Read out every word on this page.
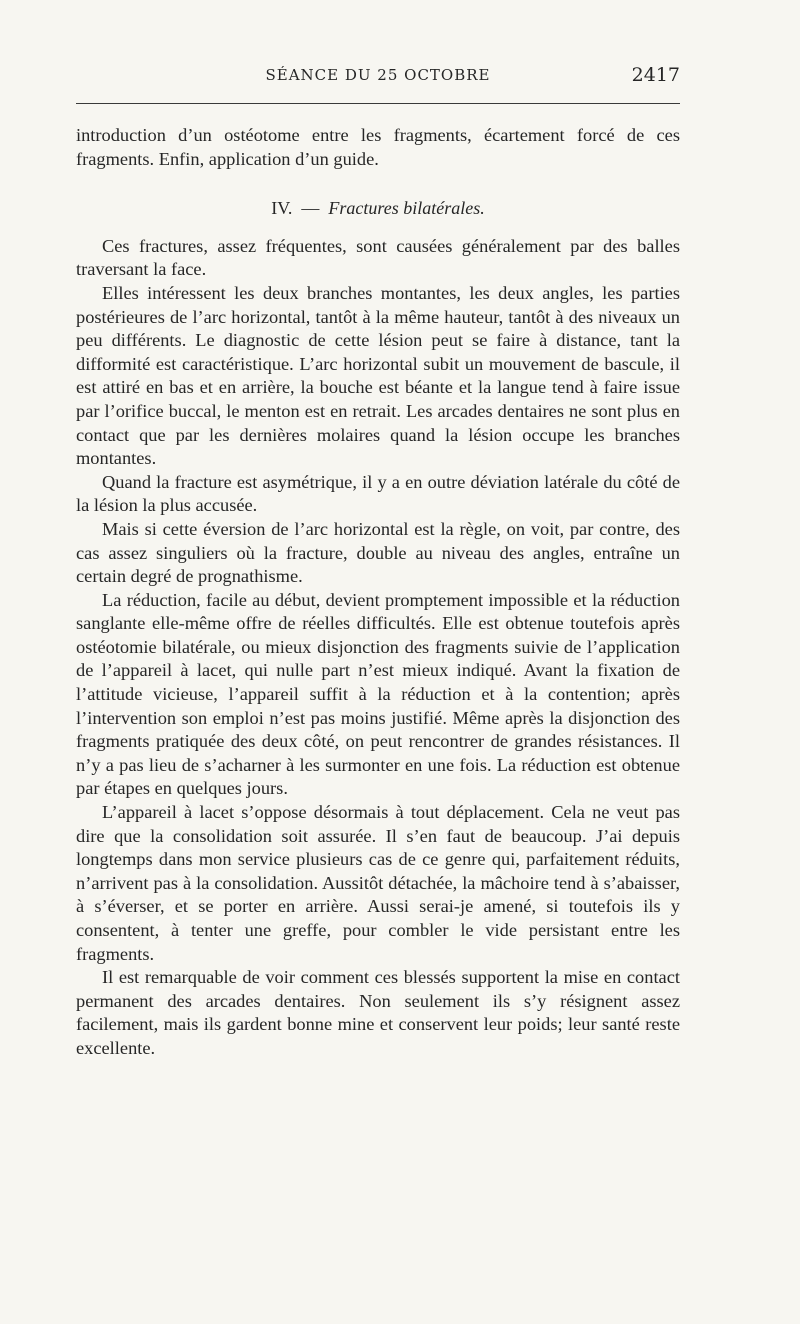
SÉANCE DU 25 OCTOBRE	2417

introduction d’un ostéotome entre les fragments, écartement forcé de ces fragments. Enfin, application d’un guide.

IV. — Fractures bilatérales.

Ces fractures, assez fréquentes, sont causées généralement par des balles traversant la face.

Elles intéressent les deux branches montantes, les deux angles, les parties postérieures de l’arc horizontal, tantôt à la même hauteur, tantôt à des niveaux un peu différents. Le diagnostic de cette lésion peut se faire à distance, tant la difformité est caractéristique. L’arc horizontal subit un mouvement de bascule, il est attiré en bas et en arrière, la bouche est béante et la langue tend à faire issue par l’orifice buccal, le menton est en retrait. Les arcades dentaires ne sont plus en contact que par les dernières molaires quand la lésion occupe les branches montantes.

Quand la fracture est asymétrique, il y a en outre déviation latérale du côté de la lésion la plus accusée.

Mais si cette éversion de l’arc horizontal est la règle, on voit, par contre, des cas assez singuliers où la fracture, double au niveau des angles, entraîne un certain degré de prognathisme.

La réduction, facile au début, devient promptement impossible et la réduction sanglante elle-même offre de réelles difficultés. Elle est obtenue toutefois après ostéotomie bilatérale, ou mieux disjonction des fragments suivie de l’application de l’appareil à lacet, qui nulle part n’est mieux indiqué. Avant la fixation de l’attitude vicieuse, l’appareil suffit à la réduction et à la contention; après l’intervention son emploi n’est pas moins justifié. Même après la disjonction des fragments pratiquée des deux côté, on peut rencontrer de grandes résistances. Il n’y a pas lieu de s’acharner à les surmonter en une fois. La réduction est obtenue par étapes en quelques jours.

L’appareil à lacet s’oppose désormais à tout déplacement. Cela ne veut pas dire que la consolidation soit assurée. Il s’en faut de beaucoup. J’ai depuis longtemps dans mon service plusieurs cas de ce genre qui, parfaitement réduits, n’arrivent pas à la consolidation. Aussitôt détachée, la mâchoire tend à s’abaisser, à s’éverser, et se porter en arrière. Aussi serai-je amené, si toutefois ils y consentent, à tenter une greffe, pour combler le vide persistant entre les fragments.

Il est remarquable de voir comment ces blessés supportent la mise en contact permanent des arcades dentaires. Non seulement ils s’y résignent assez facilement, mais ils gardent bonne mine et conservent leur poids; leur santé reste excellente.
